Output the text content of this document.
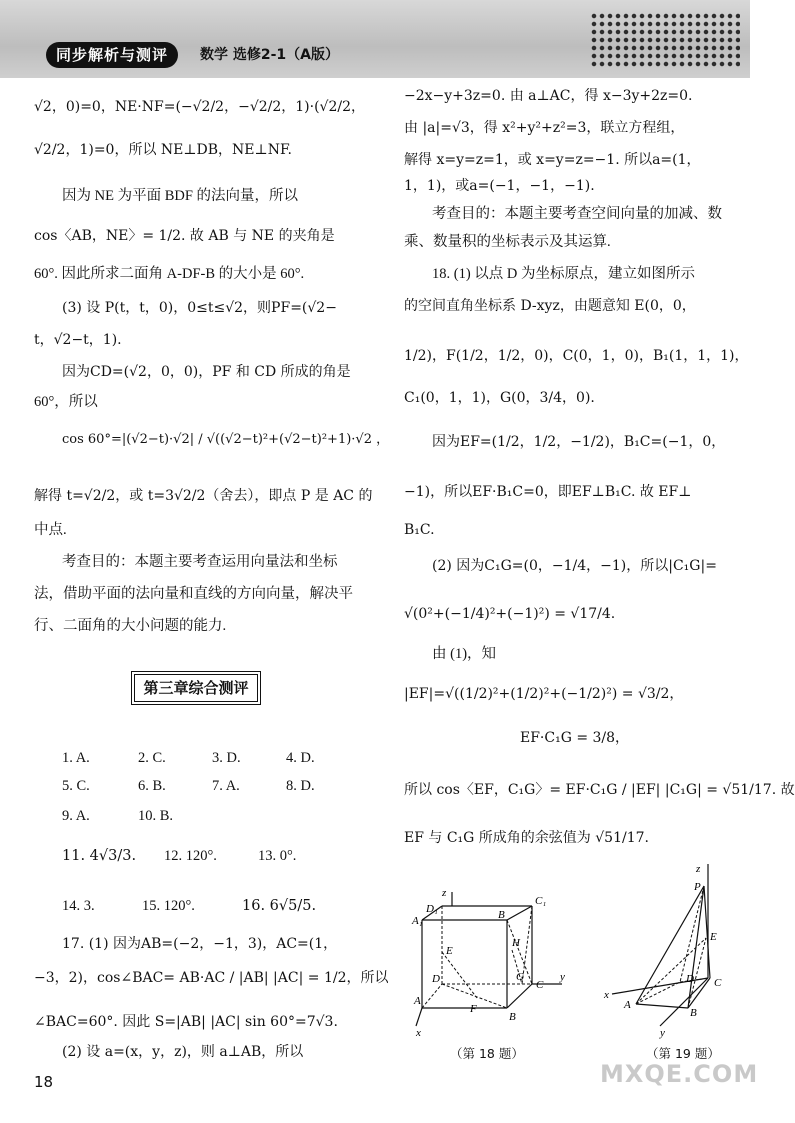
同步解析与测评	数学 选修2-1（A版）
√2，0)=0，NE·NF=(−√2/2，−√2/2，1)·(√2/2，
√2/2，1)=0，所以 NE⊥DB，NE⊥NF.
因为 NE 为平面 BDF 的法向量，所以
cos〈AB，NE〉= 1/2. 故 AB 与 NE 的夹角是
60°. 因此所求二面角 A-DF-B 的大小是 60°.
(3) 设 P(t，t，0)，0≤t≤√2，则PF=(√2−
t，√2−t，1).
因为CD=(√2，0，0)，PF 和 CD 所成的角是
60°，所以
cos 60°=|(√2−t)·√2| / √((√2−t)²+(√2−t)²+1)·√2 ，
解得 t=√2/2，或 t=3√2/2（舍去），即点 P 是 AC 的
中点.
考查目的：本题主要考查运用向量法和坐标
法，借助平面的法向量和直线的方向向量，解决平
行、二面角的大小问题的能力.
第三章综合测评
1. A.	2. C.	3. D.	4. D.
5. C.	6. B.	7. A.	8. D.
9. A.	10. B.
11. 4√3/3. 12. 120°.	13. 0°.
14. 3.	15. 120°.	16. 6√5/5.
17. (1) 因为AB=(−2，−1，3)，AC=(1，
−3，2)，cos∠BAC= AB·AC / |AB| |AC| = 1/2，所以
∠BAC=60°. 因此 S=|AB| |AC| sin 60°=7√3.
(2) 设 a=(x，y，z)，则 a⊥AB，所以
−2x−y+3z=0. 由 a⊥AC，得 x−3y+2z=0.
由 |a|=√3，得 x²+y²+z²=3，联立方程组，
解得 x=y=z=1，或 x=y=z=−1. 所以a=(1，
1，1)，或a=(−1，−1，−1).
考查目的：本题主要考查空间向量的加减、数
乘、数量积的坐标表示及其运算.
18. (1) 以点 D 为坐标原点，建立如图所示
的空间直角坐标系 D-xyz，由题意知 E(0，0，
1/2)，F(1/2，1/2，0)，C(0，1，0)，B₁(1，1，1)，
C₁(0，1，1)，G(0，3/4，0).
因为EF=(1/2，1/2，−1/2)，B₁C=(−1，0，
−1)，所以EF·B₁C=0，即EF⊥B₁C. 故 EF⊥
B₁C.
(2) 因为C₁G=(0，−1/4，−1)，所以|C₁G|=
√(0²+(−1/4)²+(−1)²) = √17/4.
由 (1)，知
|EF|=√((1/2)²+(1/2)²+(−1/2)²) = √3/2，
EF·C₁G = 3/8，
所以 cos〈EF，C₁G〉= EF·C₁G / |EF| |C₁G| = √51/17. 故
EF 与 C₁G 所成角的余弦值为 √51/17.
z
D₁
C₁
A₁	B
E
H
D	G
C
y
A
F
B
x
（第 18 题）
z
P
E
D C
x
A
B
y
（第 19 题）
18	MXQE.COM
